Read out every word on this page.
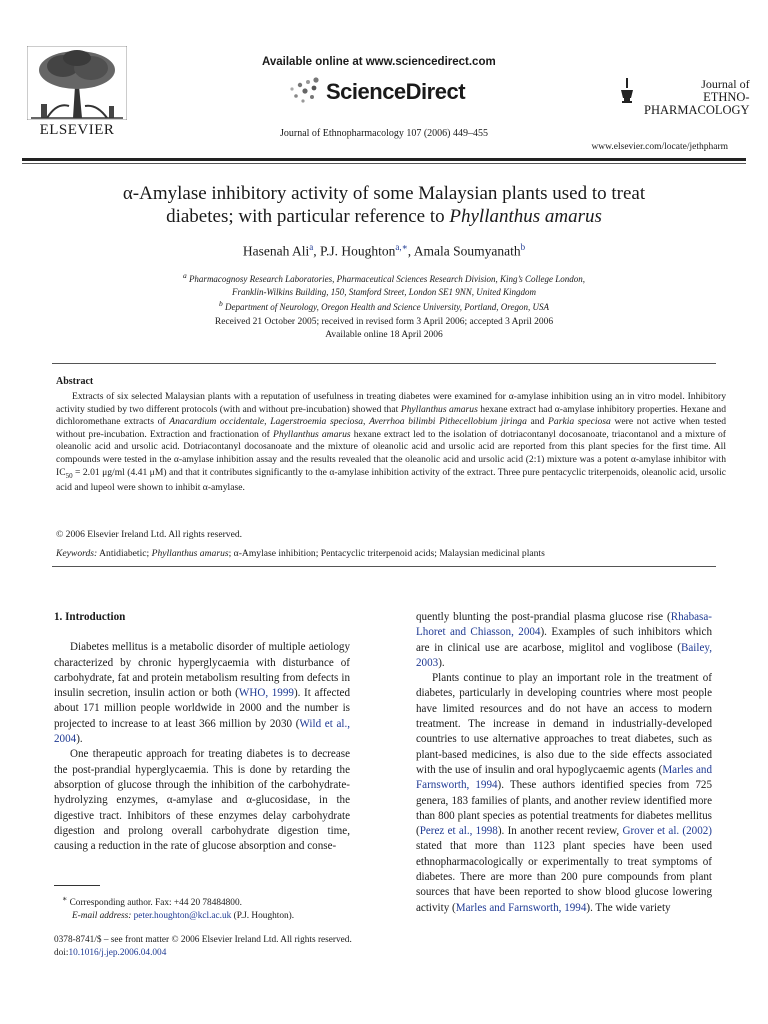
ELSEVIER
Available online at www.sciencedirect.com
ScienceDirect
Journal of Ethnopharmacology 107 (2006) 449–455
Journal of
ETHNO-
PHARMACOLOGY
www.elsevier.com/locate/jethpharm
α-Amylase inhibitory activity of some Malaysian plants used to treat
diabetes; with particular reference to Phyllanthus amarus
Hasenah Ali$^a$, P.J. Houghton$^{a,∗}$, Amala Soumyanath$^b$
$^a$ Pharmacognosy Research Laboratories, Pharmaceutical Sciences Research Division, King’s College London,
Franklin-Wilkins Building, 150, Stamford Street, London SE1 9NN, United Kingdom
$^b$ Department of Neurology, Oregon Health and Science University, Portland, Oregon, USA
Received 21 October 2005; received in revised form 3 April 2006; accepted 3 April 2006
Available online 18 April 2006
Abstract
Extracts of six selected Malaysian plants with a reputation of usefulness in treating diabetes were examined for α-amylase inhibition using an in vitro model. Inhibitory activity studied by two different protocols (with and without pre-incubation) showed that Phyllanthus amarus hexane extract had α-amylase inhibitory properties. Hexane and dichloromethane extracts of Anacardium occidentale, Lagerstroemia speciosa, Averrhoa bilimbi Pithecellobium jiringa and Parkia speciosa were not active when tested without pre-incubation. Extraction and fractionation of Phyllanthus amarus hexane extract led to the isolation of dotriacontanyl docosanoate, triacontanol and a mixture of oleanolic acid and ursolic acid. Dotriacontanyl docosanoate and the mixture of oleanolic acid and ursolic acid are reported from this plant species for the first time. All compounds were tested in the α-amylase inhibition assay and the results revealed that the oleanolic acid and ursolic acid (2:1) mixture was a potent α-amylase inhibitor with $IC_{50} = 2.01$ μg/ml (4.41 μM) and that it contributes significantly to the α-amylase inhibition activity of the extract. Three pure pentacyclic triterpenoids, oleanolic acid, ursolic acid and lupeol were shown to inhibit α-amylase.
© 2006 Elsevier Ireland Ltd. All rights reserved.
Keywords: Antidiabetic; Phyllanthus amarus; α-Amylase inhibition; Pentacyclic triterpenoid acids; Malaysian medicinal plants

1. Introduction

Diabetes mellitus is a metabolic disorder of multiple aetiology characterized by chronic hyperglycaemia with disturbance of carbohydrate, fat and protein metabolism resulting from defects in insulin secretion, insulin action or both (WHO, 1999). It affected about 171 million people worldwide in 2000 and the number is projected to increase to at least 366 million by 2030 (Wild et al., 2004).

One therapeutic approach for treating diabetes is to decrease the post-prandial hyperglycaemia. This is done by retarding the absorption of glucose through the inhibition of the carbohydrate-hydrolyzing enzymes, α-amylase and α-glucosidase, in the digestive tract. Inhibitors of these enzymes delay carbohydrate digestion and prolong overall carbohydrate digestion time, causing a reduction in the rate of glucose absorption and conse-

quently blunting the post-prandial plasma glucose rise (Rhabasa-Lhoret and Chiasson, 2004). Examples of such inhibitors which are in clinical use are acarbose, miglitol and voglibose (Bailey, 2003).

Plants continue to play an important role in the treatment of diabetes, particularly in developing countries where most people have limited resources and do not have an access to modern treatment. The increase in demand in industrially-developed countries to use alternative approaches to treat diabetes, such as plant-based medicines, is also due to the side effects associated with the use of insulin and oral hypoglycaemic agents (Marles and Farnsworth, 1994). These authors identified species from 725 genera, 183 families of plants, and another review identified more than 800 plant species as potential treatments for diabetes mellitus (Perez et al., 1998). In another recent review, Grover et al. (2002) stated that more than 1123 plant species have been used ethnopharmacologically or experimentally to treat symptoms of diabetes. There are more than 200 pure compounds from plant sources that have been reported to show blood glucose lowering activity (Marles and Farnsworth, 1994). The wide variety

∗ Corresponding author. Fax: +44 20 78484800.
E-mail address: peter.houghton@kcl.ac.uk (P.J. Houghton).
0378-8741/$ – see front matter © 2006 Elsevier Ireland Ltd. All rights reserved.
doi:10.1016/j.jep.2006.04.004
